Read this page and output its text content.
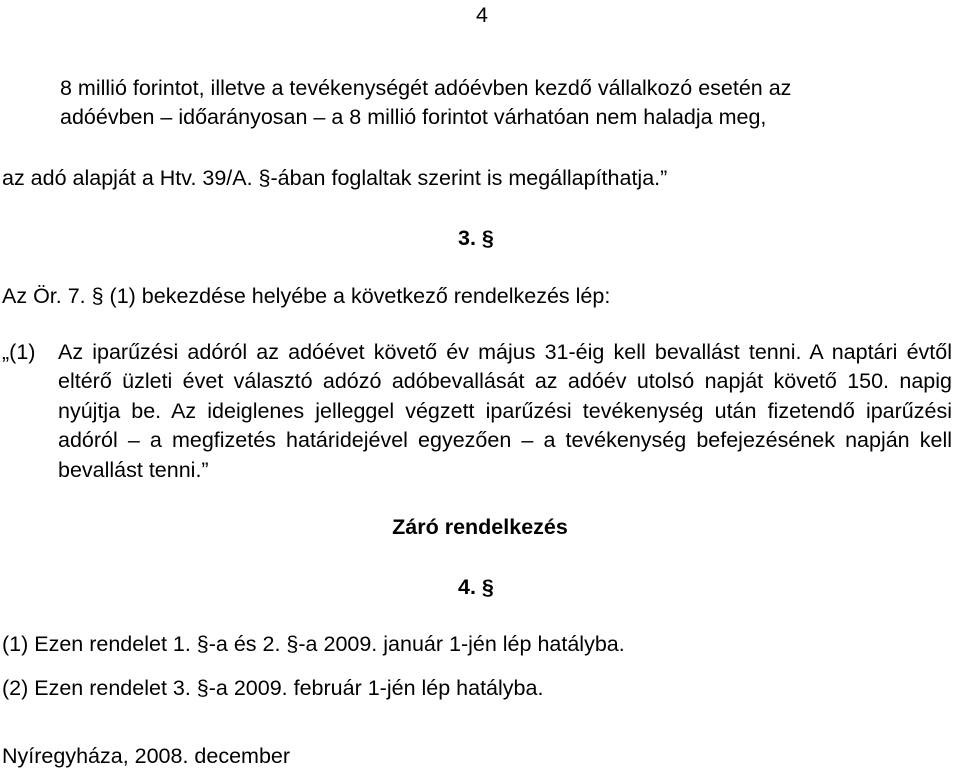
4

8 millió forintot, illetve a tevékenységét adóévben kezdő vállalkozó esetén az

adóévben – időarányosan – a 8 millió forintot várhatóan nem haladja meg,

az adó alapját a Htv. 39/A. §-ában foglaltak szerint is megállapíthatja.”

3. §

Az Ör. 7. § (1) bekezdése helyébe a következő rendelkezés lép:

„(1)	Az iparűzési adóról az adóévet követő év május 31-éig kell bevallást tenni. A naptári évtől eltérő üzleti évet választó adózó adóbevallását az adóév utolsó napját követő 150. napig nyújtja be. Az ideiglenes jelleggel végzett iparűzési tevékenység után fizetendő iparűzési adóról – a megfizetés határidejével egyezően – a tevékenység befejezésének napján kell bevallást tenni.”
Záró rendelkezés
4. §

(1) Ezen rendelet 1. §-a és 2. §-a 2009. január 1-jén lép hatályba.

(2) Ezen rendelet 3. §-a 2009. február 1-jén lép hatályba.

Nyíregyháza, 2008. december
